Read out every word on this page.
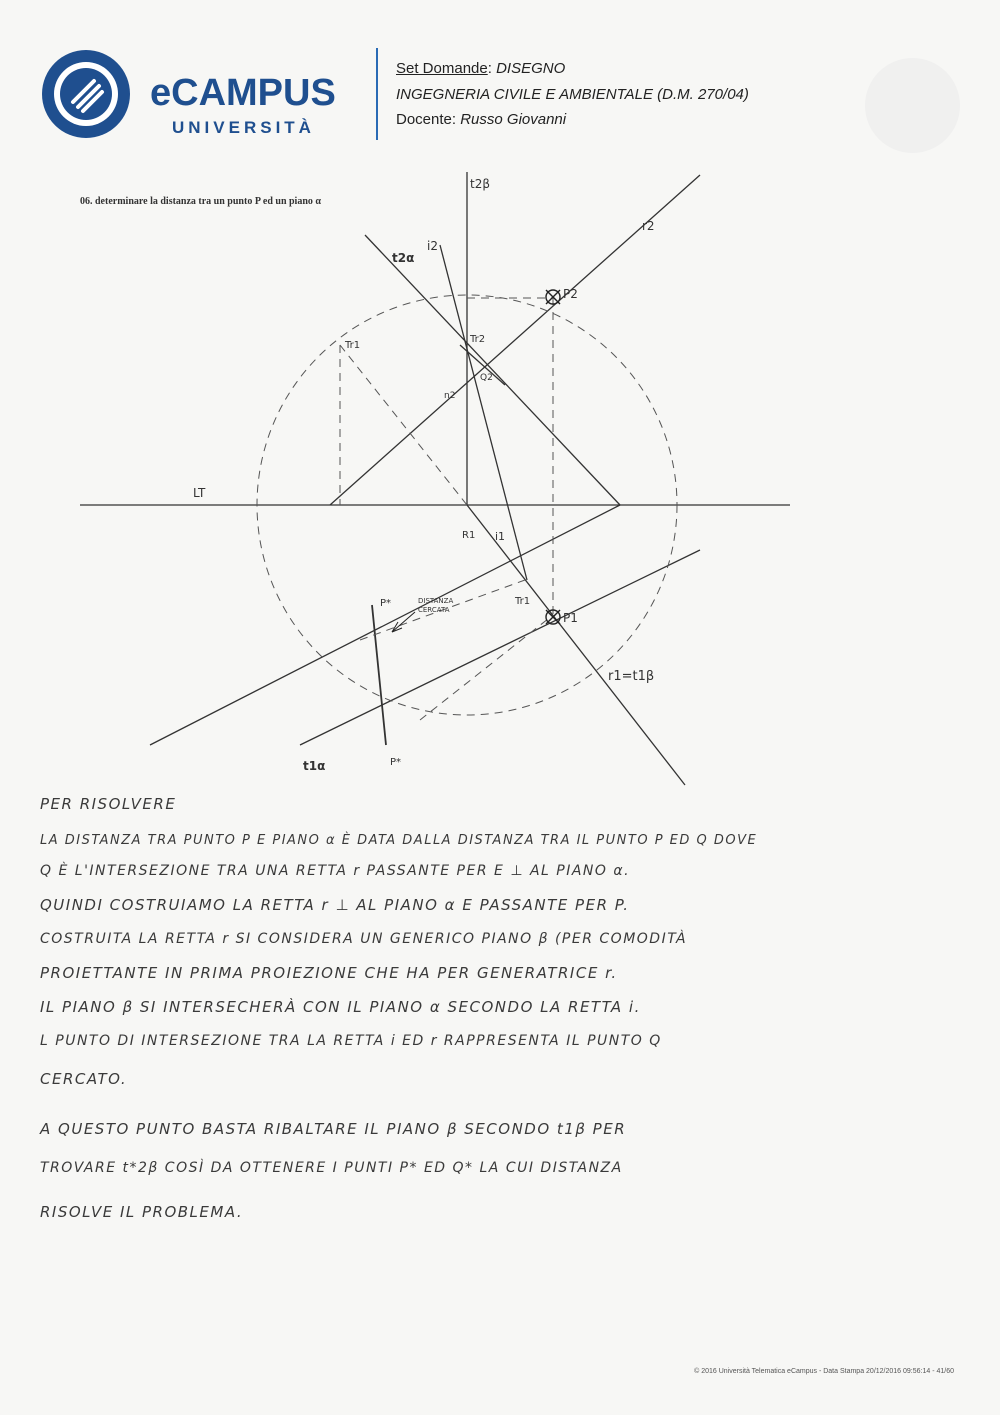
eCAMPUS
UNIVERSITÀ
Set Domande: DISEGNO
INGEGNERIA CIVILE E AMBIENTALE (D.M. 270/04)
Docente: Russo Giovanni
06. determinare la distanza tra un punto P ed un piano α
t2β
r2
t2α
i2
P2
Tr2
Tr1
Q2
n2
LT
R1 i1
P*	DISTANZA
CERCATA
Tr1
P1
r1=t1β
P*
t1α
PER RISOLVERE
LA DISTANZA TRA PUNTO P E PIANO α È DATA DALLA DISTANZA TRA IL PUNTO P ED Q DOVE
Q È L'INTERSEZIONE TRA UNA RETTA r PASSANTE PER E ⊥ AL PIANO α.
QUINDI COSTRUIAMO LA RETTA r ⊥ AL PIANO α E PASSANTE PER P.
COSTRUITA LA RETTA r SI CONSIDERA UN GENERICO PIANO β (PER COMODITÀ
PROIETTANTE IN PRIMA PROIEZIONE CHE HA PER GENERATRICE r.
IL PIANO β SI INTERSECHERÀ CON IL PIANO α SECONDO LA RETTA i.
L PUNTO DI INTERSEZIONE TRA LA RETTA i ED r RAPPRESENTA IL PUNTO Q
CERCATO.
A QUESTO PUNTO BASTA RIBALTARE IL PIANO β SECONDO t1β PER
TROVARE t*2β COSÌ DA OTTENERE I PUNTI P* ED Q* LA CUI DISTANZA
RISOLVE IL PROBLEMA.
© 2016 Università Telematica eCampus - Data Stampa 20/12/2016 09:56:14 - 41/60
